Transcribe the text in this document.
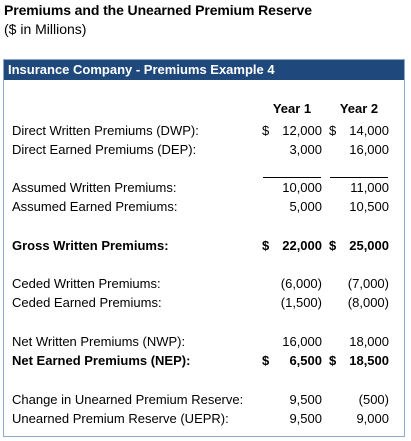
Premiums and the Unearned Premium Reserve
($ in Millions)
Insurance Company - Premiums Example 4
Year 1	Year 2
Direct Written Premiums (DWP):	$ 12,000 $ 14,000
Direct Earned Premiums (DEP):	3,000	16,000
Assumed Written Premiums:	10,000	11,000
Assumed Earned Premiums:	5,000	10,500
Gross Written Premiums:	$ 22,000 $ 25,000
Ceded Written Premiums:	(6,000)	(7,000)
Ceded Earned Premiums:	(1,500)	(8,000)
Net Written Premiums (NWP):	16,000	18,000
Net Earned Premiums (NEP):	$ 6,500 $ 18,500
Change in Unearned Premium Reserve:	9,500	(500)
Unearned Premium Reserve (UEPR):	9,500	9,000
